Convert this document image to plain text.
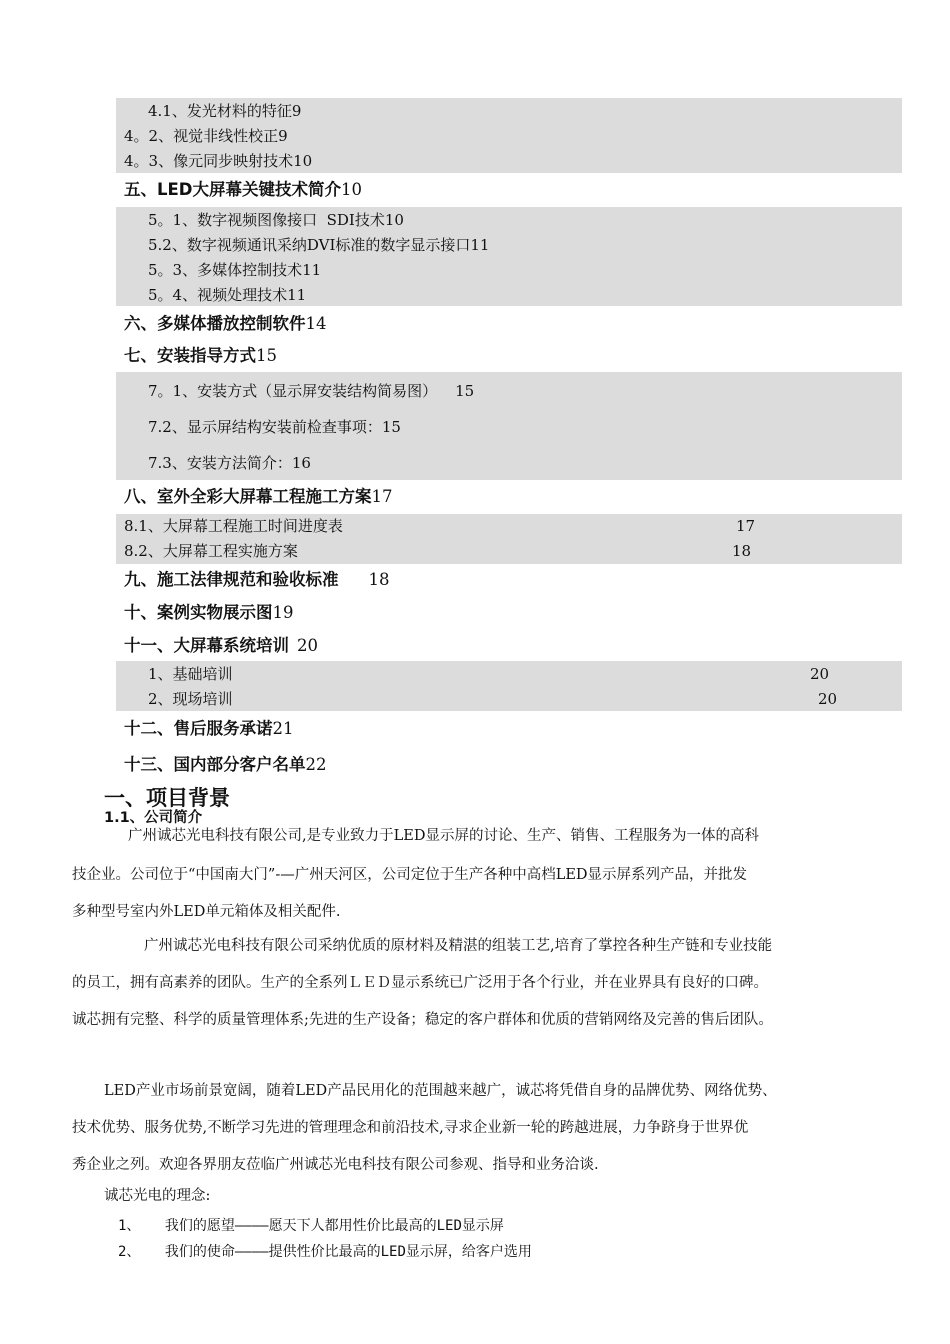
4.1、发光材料的特征9
4。2、视觉非线性校正9
4。3、像元同步映射技术10
五、LED大屏幕关键技术简介10
5。1、数字视频图像接口  SDI技术10
5.2、数字视频通讯采纳DVI标准的数字显示接口11
5。3、多媒体控制技术11
5。4、视频处理技术11
六、多媒体播放控制软件14
七、安装指导方式15
7。1、安装方式（显示屏安装结构简易图） 15
7.2、显示屏结构安装前检查事项：15
7.3、安装方法简介：16
八、室外全彩大屏幕工程施工方案17
8.1、大屏幕工程施工时间进度表	17
8.2、大屏幕工程实施方案	18
九、施工法律规范和验收标准 18
十、案例实物展示图19
十一、大屏幕系统培训 20
1、基础培训	20
2、现场培训	20
十二、售后服务承诺21
十三、国内部分客户名单22
一、项目背景
1.1、公司简介
广州诚芯光电科技有限公司,是专业致力于LED显示屏的讨论、生产、销售、工程服务为一体的高科
技企业。公司位于“中国南大门”-—广州天河区，公司定位于生产各种中高档LED显示屏系列产品，并批发
多种型号室内外LED单元箱体及相关配件.
广州诚芯光电科技有限公司采纳优质的原材料及精湛的组装工艺,培育了掌控各种生产链和专业技能
的员工，拥有高素养的团队。生产的全系列ＬＥＤ显示系统已广泛用于各个行业，并在业界具有良好的口碑。
诚芯拥有完整、科学的质量管理体系;先进的生产设备；稳定的客户群体和优质的营销网络及完善的售后团队。
LED产业市场前景宽阔，随着LED产品民用化的范围越来越广，诚芯将凭借自身的品牌优势、网络优势、
技术优势、服务优势,不断学习先进的管理理念和前沿技术,寻求企业新一轮的跨越进展，力争跻身于世界优
秀企业之列。欢迎各界朋友莅临广州诚芯光电科技有限公司参观、指导和业务洽谈.
诚芯光电的理念:
1、 我们的愿望————愿天下人都用性价比最高的LED显示屏
2、 我们的使命————提供性价比最高的LED显示屏，给客户选用
